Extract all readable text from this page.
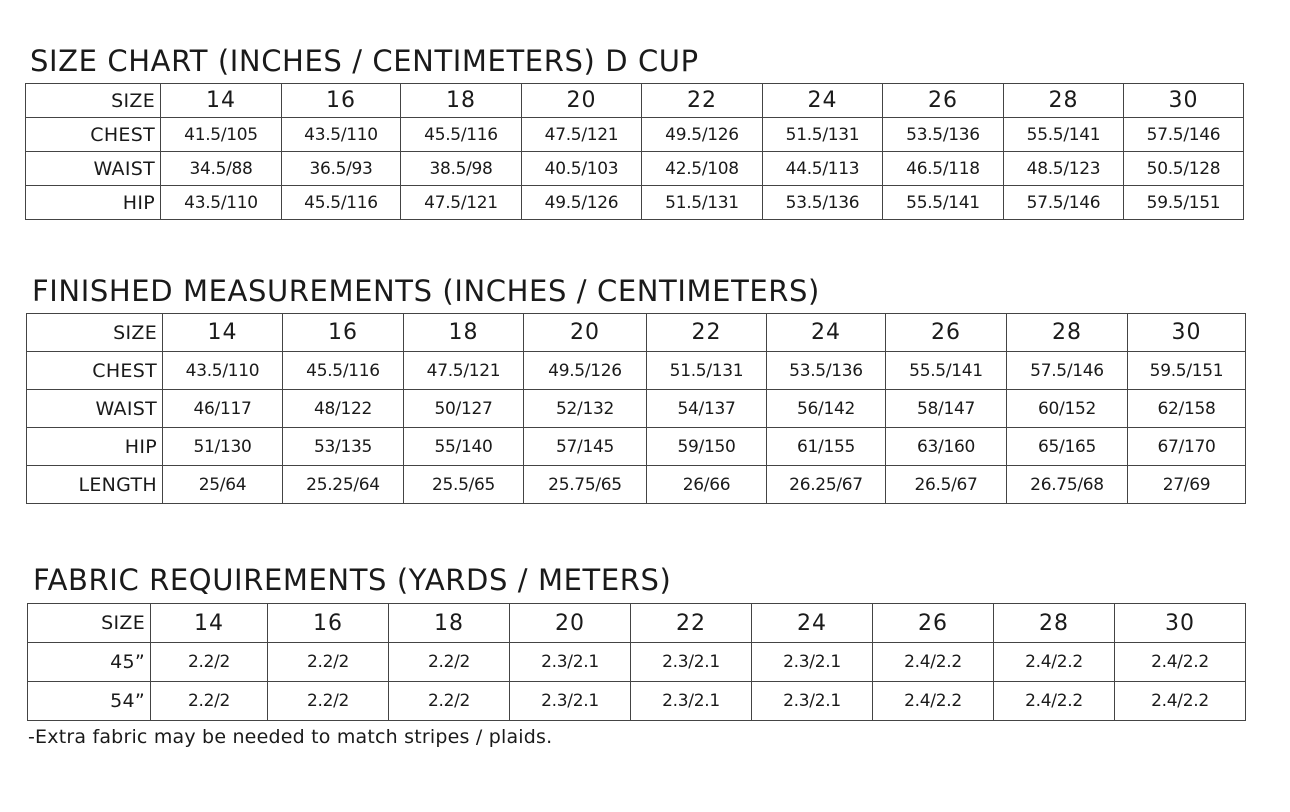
SIZE CHART (INCHES / CENTIMETERS) D CUP
SIZE	14	16	18	20	22	24	26	28	30
CHEST	41.5/105	43.5/110	45.5/116	47.5/121	49.5/126	51.5/131	53.5/136	55.5/141	57.5/146
WAIST	34.5/88	36.5/93	38.5/98	40.5/103	42.5/108	44.5/113	46.5/118	48.5/123	50.5/128
HIP	43.5/110	45.5/116	47.5/121	49.5/126	51.5/131	53.5/136	55.5/141	57.5/146	59.5/151
FINISHED MEASUREMENTS (INCHES / CENTIMETERS)
SIZE	14	16	18	20	22	24	26	28	30
CHEST	43.5/110	45.5/116	47.5/121	49.5/126	51.5/131	53.5/136	55.5/141	57.5/146	59.5/151
WAIST	46/117	48/122	50/127	52/132	54/137	56/142	58/147	60/152	62/158
HIP	51/130	53/135	55/140	57/145	59/150	61/155	63/160	65/165	67/170
LENGTH	25/64	25.25/64	25.5/65	25.75/65	26/66	26.25/67	26.5/67	26.75/68	27/69
FABRIC REQUIREMENTS (YARDS / METERS)
SIZE	14	16	18	20	22	24	26	28	30
45”	2.2/2	2.2/2	2.2/2	2.3/2.1	2.3/2.1	2.3/2.1	2.4/2.2	2.4/2.2	2.4/2.2
54”	2.2/2	2.2/2	2.2/2	2.3/2.1	2.3/2.1	2.3/2.1	2.4/2.2	2.4/2.2	2.4/2.2
-Extra fabric may be needed to match stripes / plaids.
